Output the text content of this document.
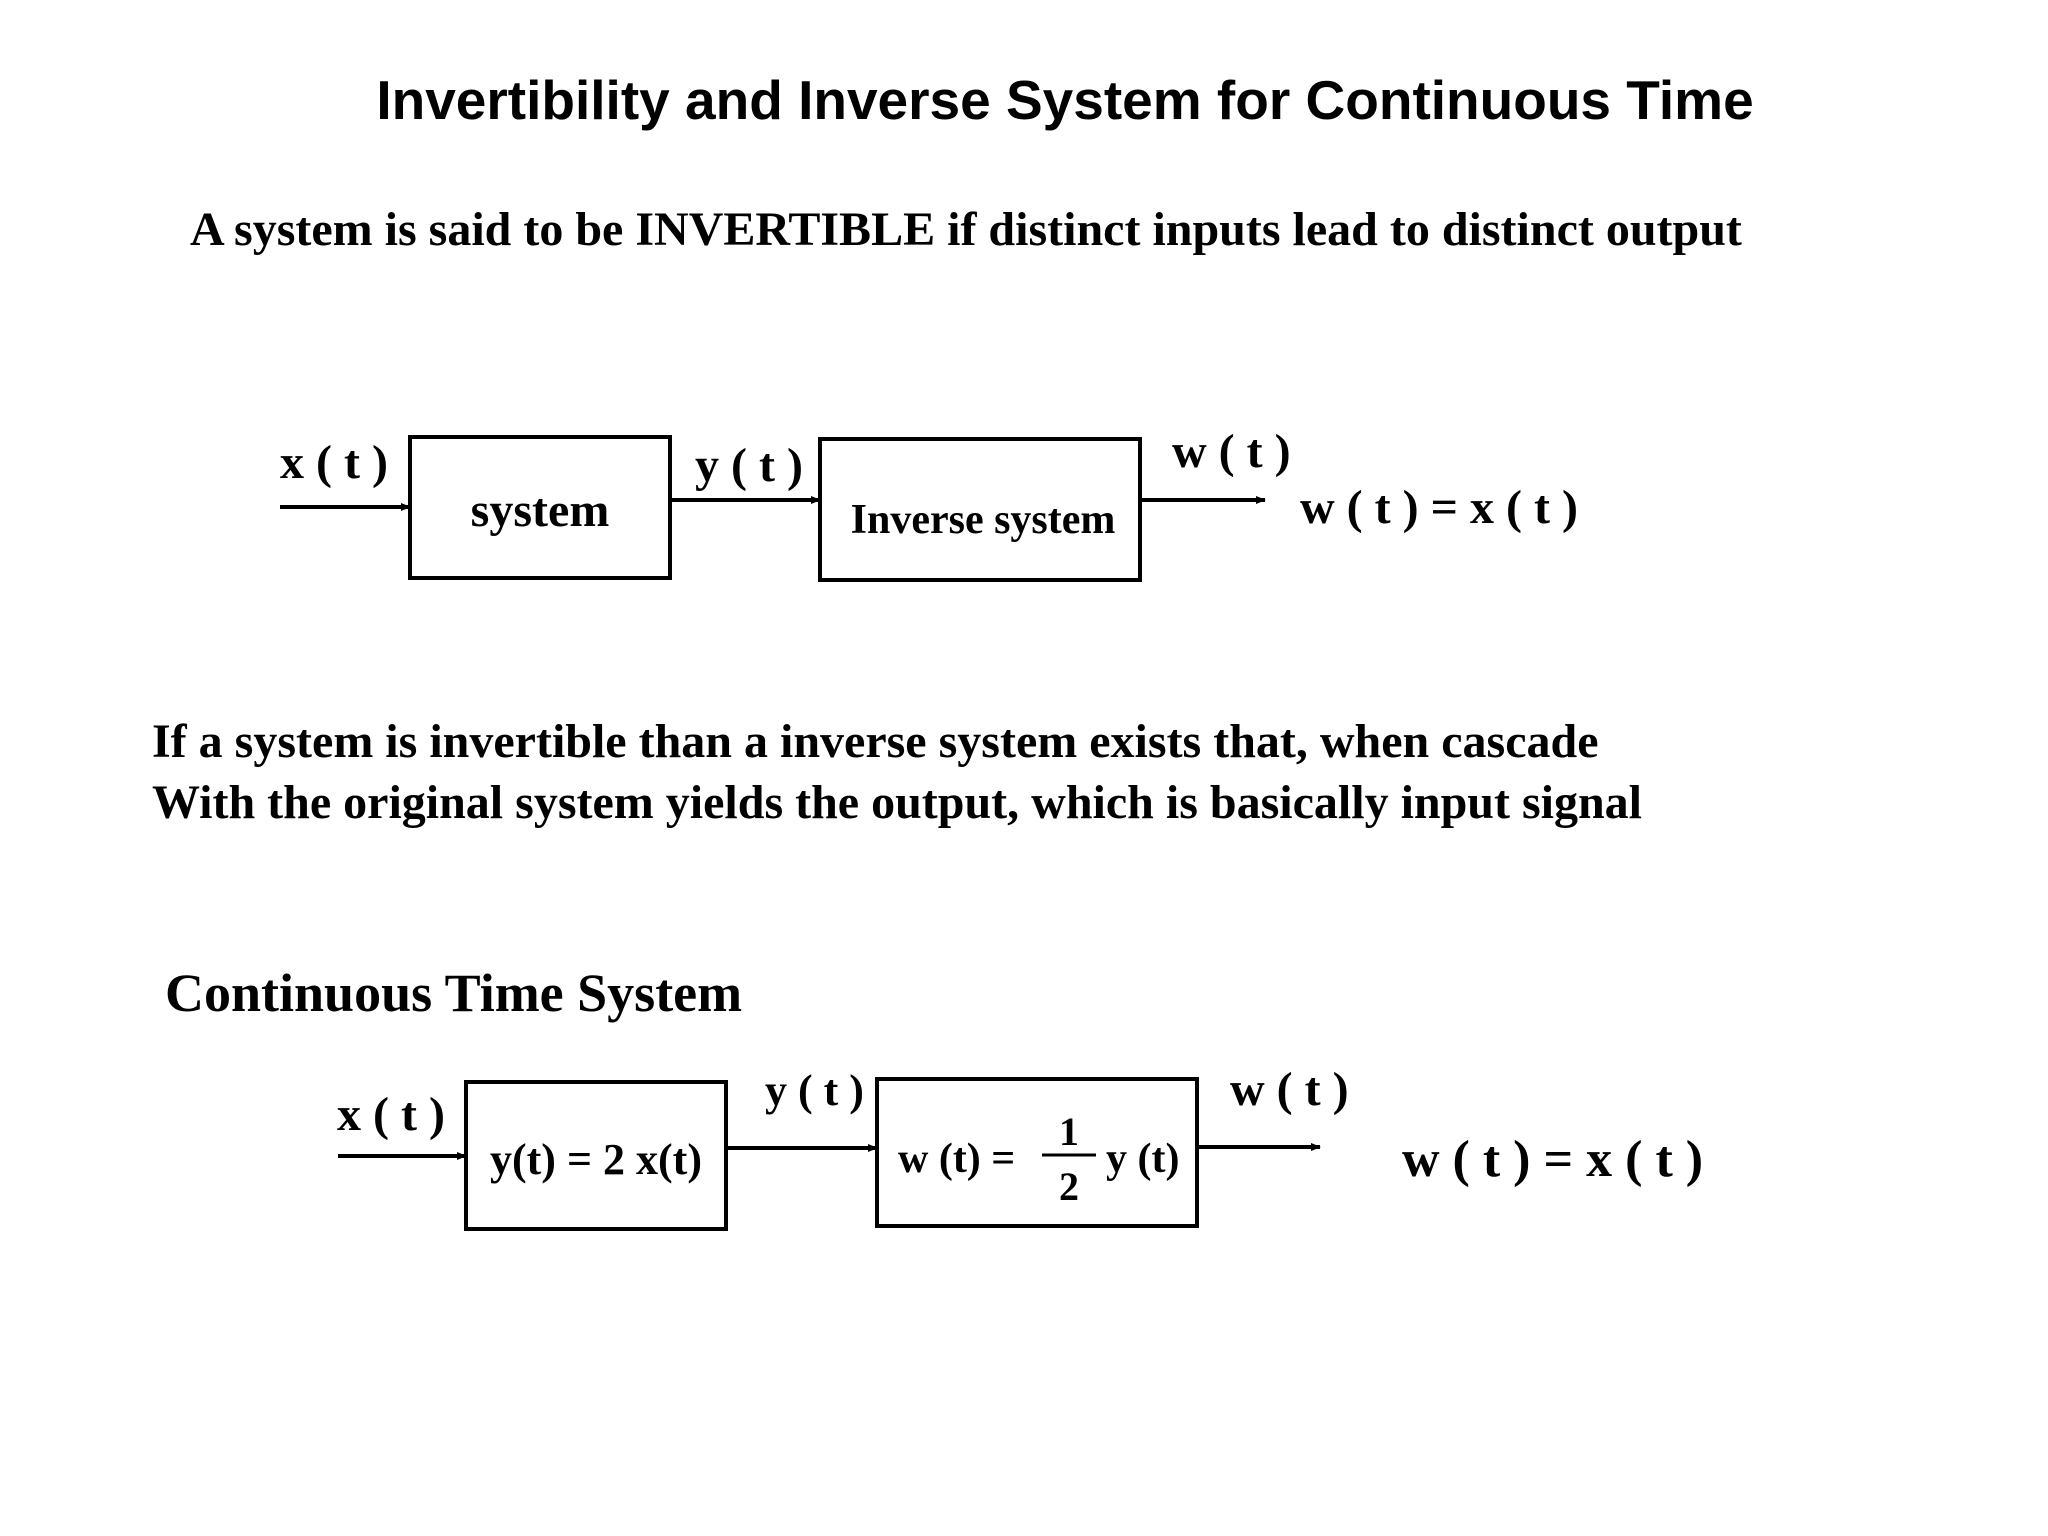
Invertibility and Inverse System for Continuous Time
A system is said to be INVERTIBLE if distinct inputs lead to distinct output
If a system is invertible than a inverse system exists that, when cascade
With the original system yields the output, which is basically input signal
Continuous Time System
x ( t )
system
y ( t )
Inverse system
w ( t )
w ( t ) = x ( t )
x ( t )
y(t) = 2 x(t)
y ( t )
w (t) =
1
2
y (t)
w ( t )
w ( t ) = x ( t )
